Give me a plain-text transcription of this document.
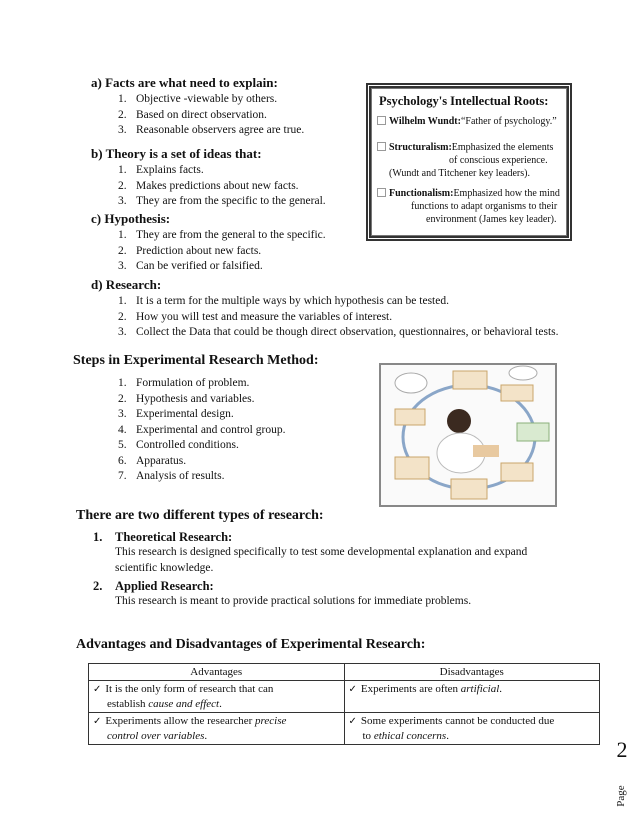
a) Facts are what need to explain:
1. Objective -viewable by others.
2. Based on direct observation.
3. Reasonable observers agree are true.
b) Theory is a set of ideas that:
1. Explains facts.
2. Makes predictions about new facts.
3. They are from the specific to the general.
c) Hypothesis:
1. They are from the general to the specific.
2. Prediction about new facts.
3. Can be verified or falsified.
d) Research:
1. It is a term for the multiple ways by which hypothesis can be tested.
2. How you will test and measure the variables of interest.
3. Collect the Data that could be though direct observation, questionnaires, or behavioral tests.
Psychology's Intellectual Roots:

Wilhelm Wundt:“Father of psychology.”

Structuralism:Emphasized the elements

of conscious experience.

(Wundt and Titchener key leaders).

Functionalism:Emphasized how the mind

functions to adapt organisms to their

environment (James key leader).

Steps in Experimental Research Method:
1. Formulation of problem.
2. Hypothesis and variables.
3. Experimental design.
4. Experimental and control group.
5. Controlled conditions.
6. Apparatus.
7. Analysis of results.
There are two different types of research:
1. Theoretical Research:
This research is designed specifically to test some developmental explanation and expand
scientific knowledge.
2. Applied Research:
This research is meant to provide practical solutions for immediate problems.
Advantages and Disadvantages of Experimental Research:
Advantages	Disadvantages
✓ It is the only form of research that can
establish cause and effect.	✓ Experiments are often artificial.
✓ Experiments allow the researcher precise
control over variables.	✓ Some experiments cannot be conducted due
to ethical concerns.
2
Page
